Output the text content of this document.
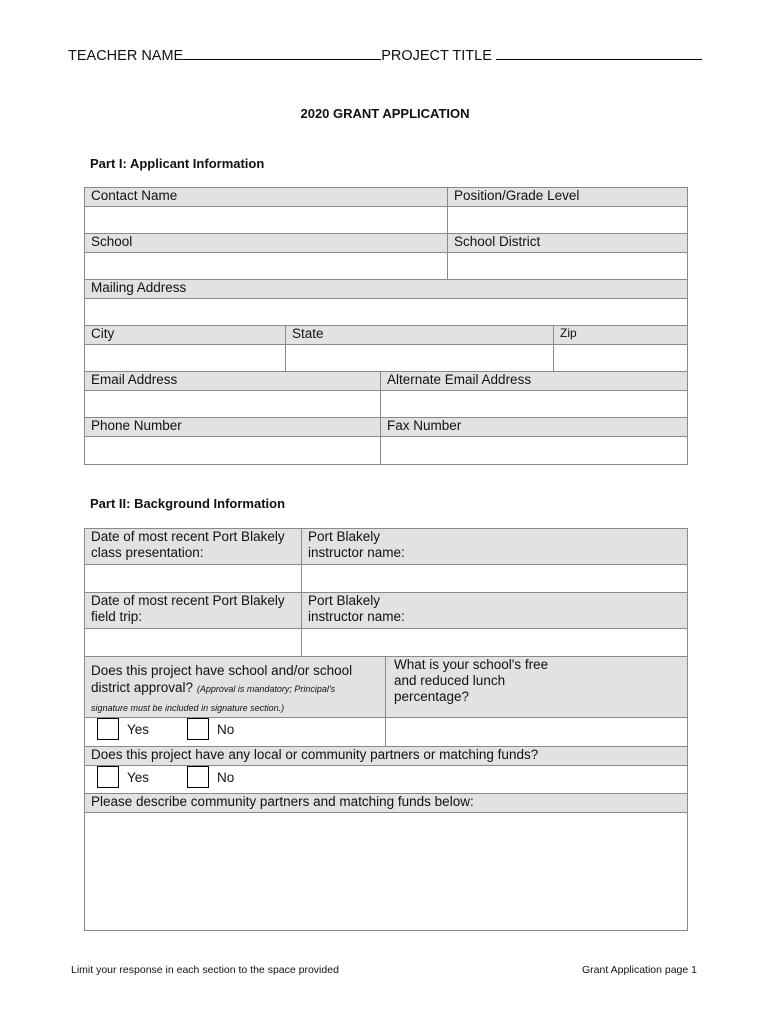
TEACHER NAME	PROJECT TITLE
2020 GRANT APPLICATION
Part I: Applicant Information
Contact Name			Position/Grade Level	

School			School District	

Mailing Address				

City	State			Zip

Email Address		Alternate Email Address		

Phone Number		Fax Number		

Part II: Background Information
Date of most recent Port Blakely class presentation:	Port Blakely instructor name:	

Date of most recent Port Blakely field trip:	Port Blakely instructor name:	

Does this project have school and/or school district approval? (Approval is mandatory; Principal's signature must be included in signature section.)		What is your school's free and reduced lunch percentage?

Yes No		

Does this project have any local or community partners or matching funds?		

Yes No		

Please describe community partners and matching funds below:		

Limit your response in each section to the space provided	Grant Application page 1
